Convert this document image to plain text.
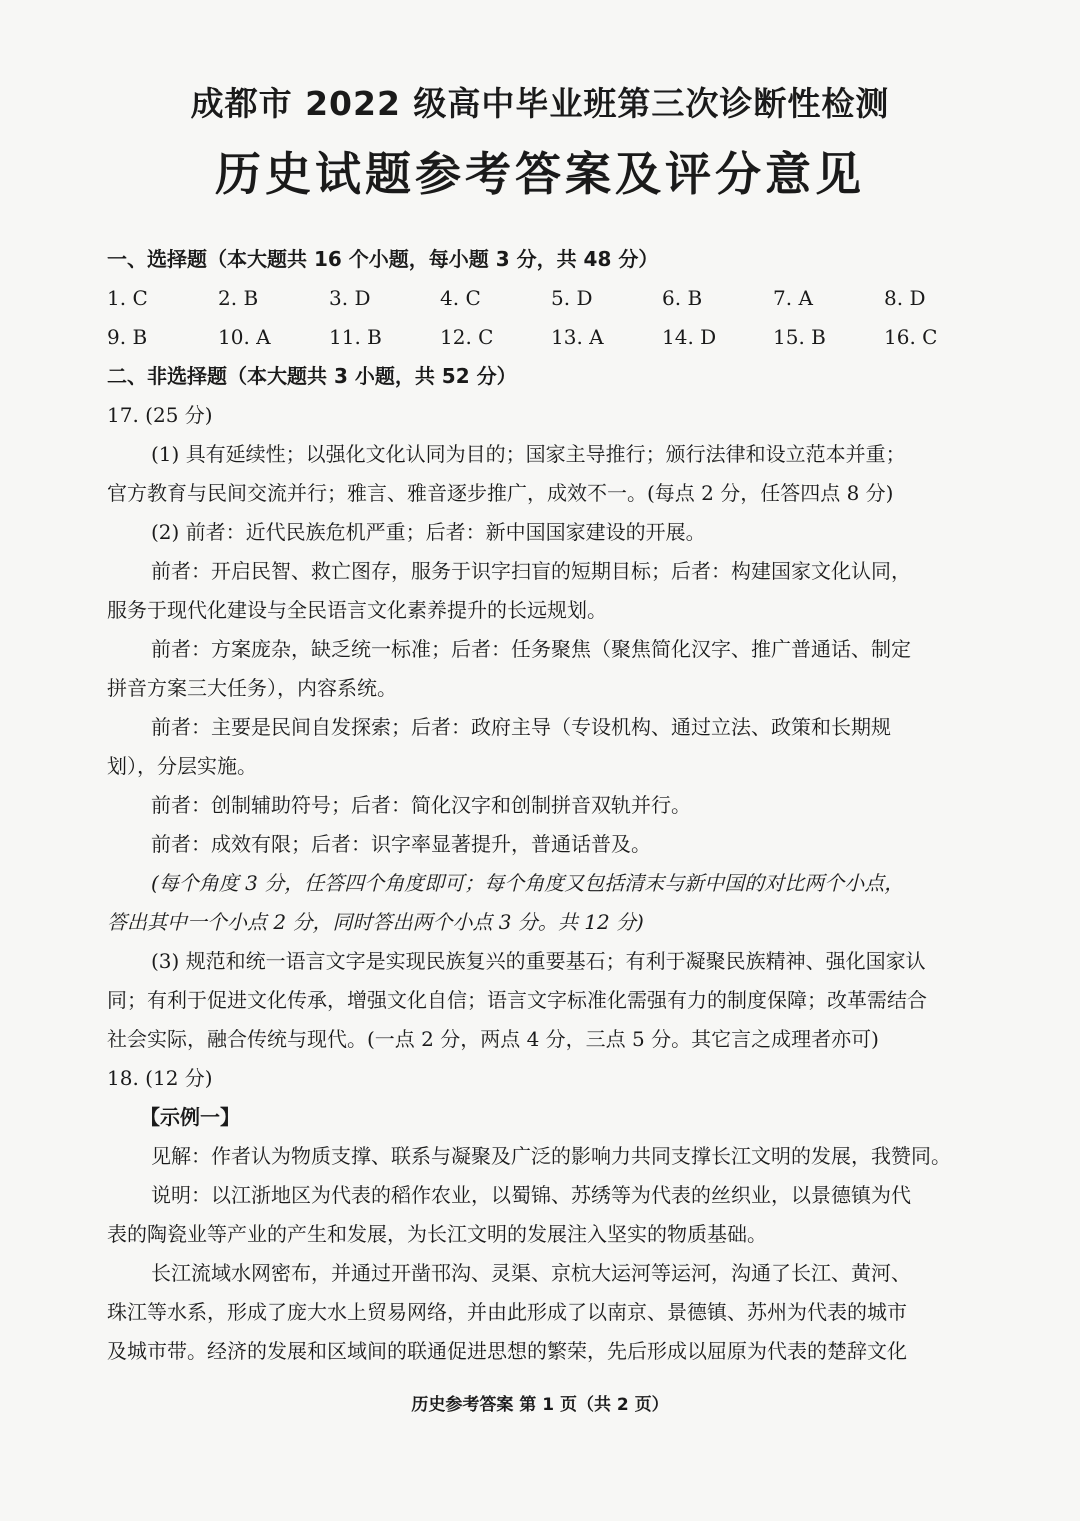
成都市 2022 级高中毕业班第三次诊断性检测
历史试题参考答案及评分意见
一、选择题（本大题共 16 个小题，每小题 3 分，共 48 分）
1. C	2. B	3. D	4. C	5. D	6. B	7. A	8. D
9. B	10. A	11. B	12. C	13. A	14. D	15. B	16. C
二、非选择题（本大题共 3 小题，共 52 分）
17. (25 分)
(1) 具有延续性；以强化文化认同为目的；国家主导推行；颁行法律和设立范本并重；
官方教育与民间交流并行；雅言、雅音逐步推广，成效不一。(每点 2 分，任答四点 8 分)
(2) 前者：近代民族危机严重；后者：新中国国家建设的开展。
前者：开启民智、救亡图存，服务于识字扫盲的短期目标；后者：构建国家文化认同，
服务于现代化建设与全民语言文化素养提升的长远规划。
前者：方案庞杂，缺乏统一标准；后者：任务聚焦（聚焦简化汉字、推广普通话、制定
拼音方案三大任务），内容系统。
前者：主要是民间自发探索；后者：政府主导（专设机构、通过立法、政策和长期规
划），分层实施。
前者：创制辅助符号；后者：简化汉字和创制拼音双轨并行。
前者：成效有限；后者：识字率显著提升，普通话普及。
(每个角度 3 分，任答四个角度即可；每个角度又包括清末与新中国的对比两个小点，
答出其中一个小点 2 分，同时答出两个小点 3 分。共 12 分)
(3) 规范和统一语言文字是实现民族复兴的重要基石；有利于凝聚民族精神、强化国家认
同；有利于促进文化传承，增强文化自信；语言文字标准化需强有力的制度保障；改革需结合
社会实际，融合传统与现代。(一点 2 分，两点 4 分，三点 5 分。其它言之成理者亦可)
18. (12 分)
【示例一】
见解：作者认为物质支撑、联系与凝聚及广泛的影响力共同支撑长江文明的发展，我赞同。
说明：以江浙地区为代表的稻作农业，以蜀锦、苏绣等为代表的丝织业，以景德镇为代
表的陶瓷业等产业的产生和发展，为长江文明的发展注入坚实的物质基础。
长江流域水网密布，并通过开凿邗沟、灵渠、京杭大运河等运河，沟通了长江、黄河、
珠江等水系，形成了庞大水上贸易网络，并由此形成了以南京、景德镇、苏州为代表的城市
及城市带。经济的发展和区域间的联通促进思想的繁荣，先后形成以屈原为代表的楚辞文化
历史参考答案 第 1 页（共 2 页）
